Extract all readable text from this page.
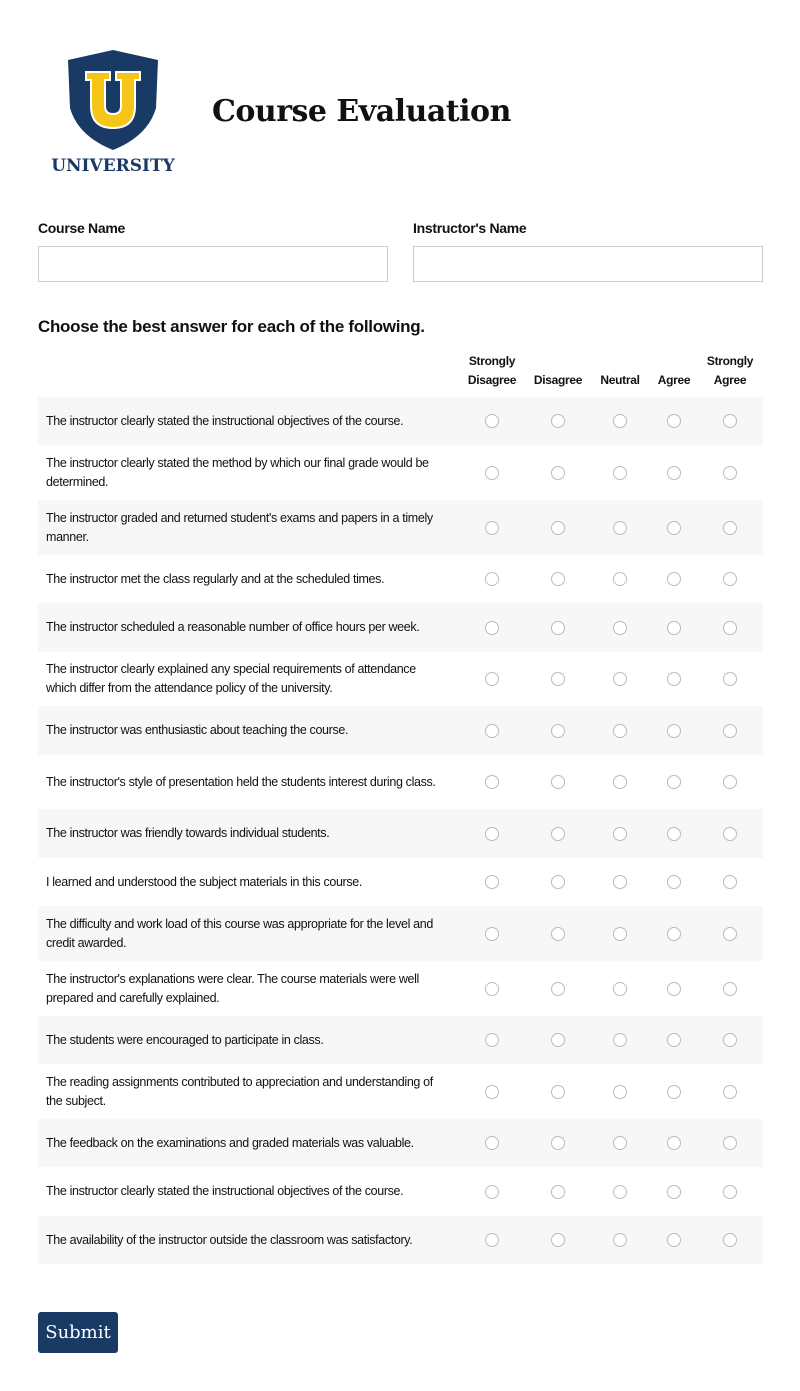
UNIVERSITY
Course Evaluation
Course Name	Instructor's Name
Choose the best answer for each of the following.
Strongly
Disagree
Disagree
Neutral
Agree
Strongly
Agree
The instructor clearly stated the instructional objectives of the course.
The instructor clearly stated the method by which our final grade would be determined.
The instructor graded and returned student's exams and papers in a timely manner.
The instructor met the class regularly and at the scheduled times.
The instructor scheduled a reasonable number of office hours per week.
The instructor clearly explained any special requirements of attendance which differ from the attendance policy of the university.
The instructor was enthusiastic about teaching the course.
The instructor's style of presentation held the students interest during class.
The instructor was friendly towards individual students.
I learned and understood the subject materials in this course.
The difficulty and work load of this course was appropriate for the level and credit awarded.
The instructor's explanations were clear. The course materials were well prepared and carefully explained.
The students were encouraged to participate in class.
The reading assignments contributed to appreciation and understanding of the subject.
The feedback on the examinations and graded materials was valuable.
The instructor clearly stated the instructional objectives of the course.
The availability of the instructor outside the classroom was satisfactory.
Submit
